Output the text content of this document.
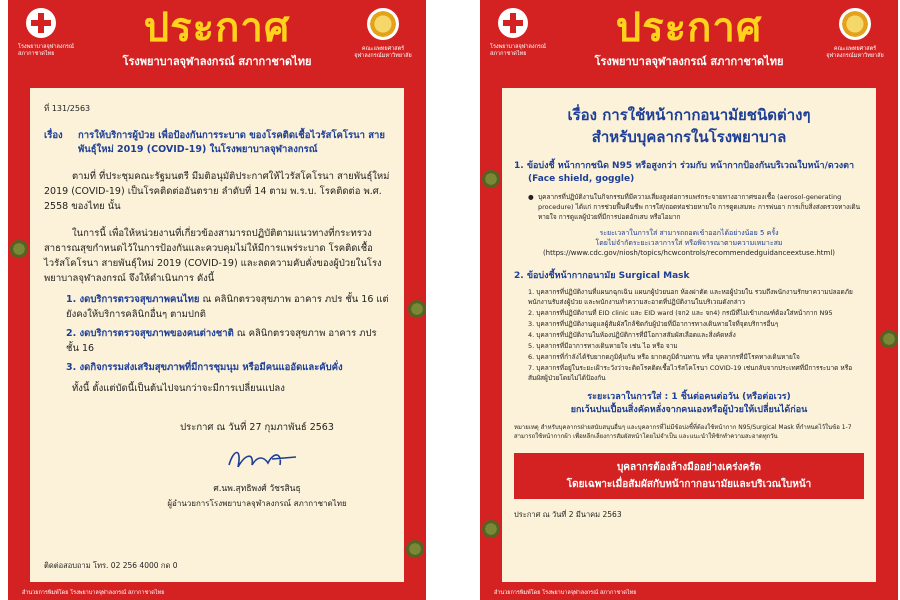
โรงพยาบาลจุฬาลงกรณ์ สภากาชาดไทย
ประกาศ
โรงพยาบาลจุฬาลงกรณ์ สภากาชาดไทย
คณะแพทยศาสตร์ จุฬาลงกรณ์มหาวิทยาลัย
ที่ 131/2563
เรื่อง	การให้บริการผู้ป่วย เพื่อป้องกันการระบาด ของโรคติดเชื้อไวรัสโคโรนา สายพันธุ์ใหม่ 2019 (COVID-19) ในโรงพยาบาลจุฬาลงกรณ์
ตามที่ ที่ประชุมคณะรัฐมนตรี มีมติอนุมัติประกาศให้ไวรัสโคโรนา สายพันธุ์ใหม่ 2019 (COVID-19) เป็นโรคติดต่ออันตราย ลำดับที่ 14 ตาม พ.ร.บ. โรคติดต่อ พ.ศ. 2558 ของไทย นั้น
ในการนี้ เพื่อให้หน่วยงานที่เกี่ยวข้องสามารถปฏิบัติตามแนวทางที่กระทรวงสาธารณสุขกำหนดไว้ในการป้องกันและควบคุมไม่ให้มีการแพร่ระบาด โรคติดเชื้อไวรัสโคโรนา สายพันธุ์ใหม่ 2019 (COVID-19) และลดความคับคั่งของผู้ป่วยในโรงพยาบาลจุฬาลงกรณ์ จึงให้ดำเนินการ ดังนี้
1. งดบริการตรวจสุขภาพคนไทย ณ คลินิกตรวจสุขภาพ อาคาร ภปร ชั้น 16 แต่ยังคงให้บริการคลินิกอื่นๆ ตามปกติ
2. งดบริการตรวจสุขภาพของคนต่างชาติ ณ คลินิกตรวจสุขภาพ อาคาร ภปร ชั้น 16
3. งดกิจกรรมส่งเสริมสุขภาพที่มีการชุมนุม หรือมีคนแออัดและคับคั่ง
ทั้งนี้ ตั้งแต่บัดนี้เป็นต้นไปจนกว่าจะมีการเปลี่ยนแปลง
ประกาศ ณ วันที่ 27 กุมภาพันธ์ 2563
ศ.นพ.สุทธิพงศ์ วัชรสินธุ
ผู้อำนวยการโรงพยาบาลจุฬาลงกรณ์ สภากาชาดไทย
ติดต่อสอบถาม โทร. 02 256 4000 กด 0
อำนวยการพิมพ์โดย โรงพยาบาลจุฬาลงกรณ์ สภากาชาดไทย
โรงพยาบาลจุฬาลงกรณ์ สภากาชาดไทย
ประกาศ
โรงพยาบาลจุฬาลงกรณ์ สภากาชาดไทย
คณะแพทยศาสตร์ จุฬาลงกรณ์มหาวิทยาลัย
เรื่อง การใช้หน้ากากอนามัยชนิดต่างๆ
สำหรับบุคลากรในโรงพยาบาล
1. ข้อบ่งชี้ หน้ากากชนิด N95 หรือสูงกว่า ร่วมกับ หน้ากากป้องกันบริเวณใบหน้า/ดวงตา
(Face shield, goggle)
● บุคลากรที่ปฏิบัติงานในกิจกรรมที่มีความเสี่ยงสูงต่อการแพร่กระจายทางอากาศของเชื้อ (aerosol-generating procedure) ได้แก่ การช่วยฟื้นคืนชีพ การใส่/ถอดท่อช่วยหายใจ การดูดเสมหะ การพ่นยา การเก็บสิ่งส่งตรวจทางเดินหายใจ การดูแลผู้ป่วยที่มีการปอดอักเสบ หรือไอมาก
ระยะเวลาในการใส่ สามารถถอดเข้าออกได้อย่างน้อย 5 ครั้ง
โดยไม่จำกัดระยะเวลาการใส่ หรือพิจารณาตามความเหมาะสม
(https://www.cdc.gov/niosh/topics/hcwcontrols/recommendedguidanceextuse.html)
2. ข้อบ่งชี้หน้ากากอนามัย Surgical Mask
1. บุคลากรที่ปฏิบัติงานที่แผนกฉุกเฉิน แผนกผู้ป่วยนอก ห้องผ่าตัด และหอผู้ป่วยใน รวมถึงพนักงานรักษาความปลอดภัย พนักงานรับส่งผู้ป่วย และพนักงานทำความสะอาดที่ปฏิบัติงานในบริเวณดังกล่าว
2. บุคลากรที่ปฏิบัติงานที่ EID clinic และ EID ward (จก2 และ จก4) กรณีที่ไม่เข้าเกณฑ์ต้องใส่หน้ากาก N95
3. บุคลากรที่ปฏิบัติงานดูแลผู้สัมผัสใกล้ชิดกับผู้ป่วยที่มีอาการทางเดินหายใจที่จุดบริการอื่นๆ
4. บุคลากรที่ปฏิบัติงานในห้องปฏิบัติการที่มีโอกาสสัมผัสเลือดและสิ่งคัดหลั่ง
5. บุคลากรที่มีอาการทางเดินหายใจ เช่น ไอ หรือ จาม
6. บุคลากรที่กำลังได้รับยากดภูมิคุ้มกัน หรือ ยากดภูมิต้านทาน หรือ บุคลากรที่มีโรคทางเดินหายใจ
7. บุคลากรที่อยู่ในระยะเฝ้าระวังว่าจะติดโรคติดเชื้อไวรัสโคโรนา COVID-19 เช่นกลับจากประเทศที่มีการระบาด หรือสัมผัสผู้ป่วยโดยไม่ได้ป้องกัน
ระยะเวลาในการใส่ : 1 ชิ้นต่อคนต่อวัน (หรือต่อเวร)
ยกเว้นปนเปื้อนสิ่งคัดหลั่งจากคนเองหรือผู้ป่วยให้เปลี่ยนได้ก่อน
หมายเหตุ สำหรับบุคลากรฝ่ายสนับสนุนอื่นๆ และบุคลากรที่ไม่มีข้อบ่งชี้ที่ต้องใช้หน้ากาก N95/Surgical Mask ที่กำหนดไว้ในข้อ 1-7 สามารถใช้หน้ากากผ้า เพื่อหลีกเลี่ยงการสัมผัสหน้าโดยไม่จำเป็น และแนะนำให้ซักทำความสะอาดทุกวัน
บุคลากรต้องล้างมืออย่างเคร่งครัด
โดยเฉพาะเมื่อสัมผัสกับหน้ากากอนามัยและบริเวณใบหน้า
ประกาศ ณ วันที่ 2 มีนาคม 2563
อำนวยการพิมพ์โดย โรงพยาบาลจุฬาลงกรณ์ สภากาชาดไทย
